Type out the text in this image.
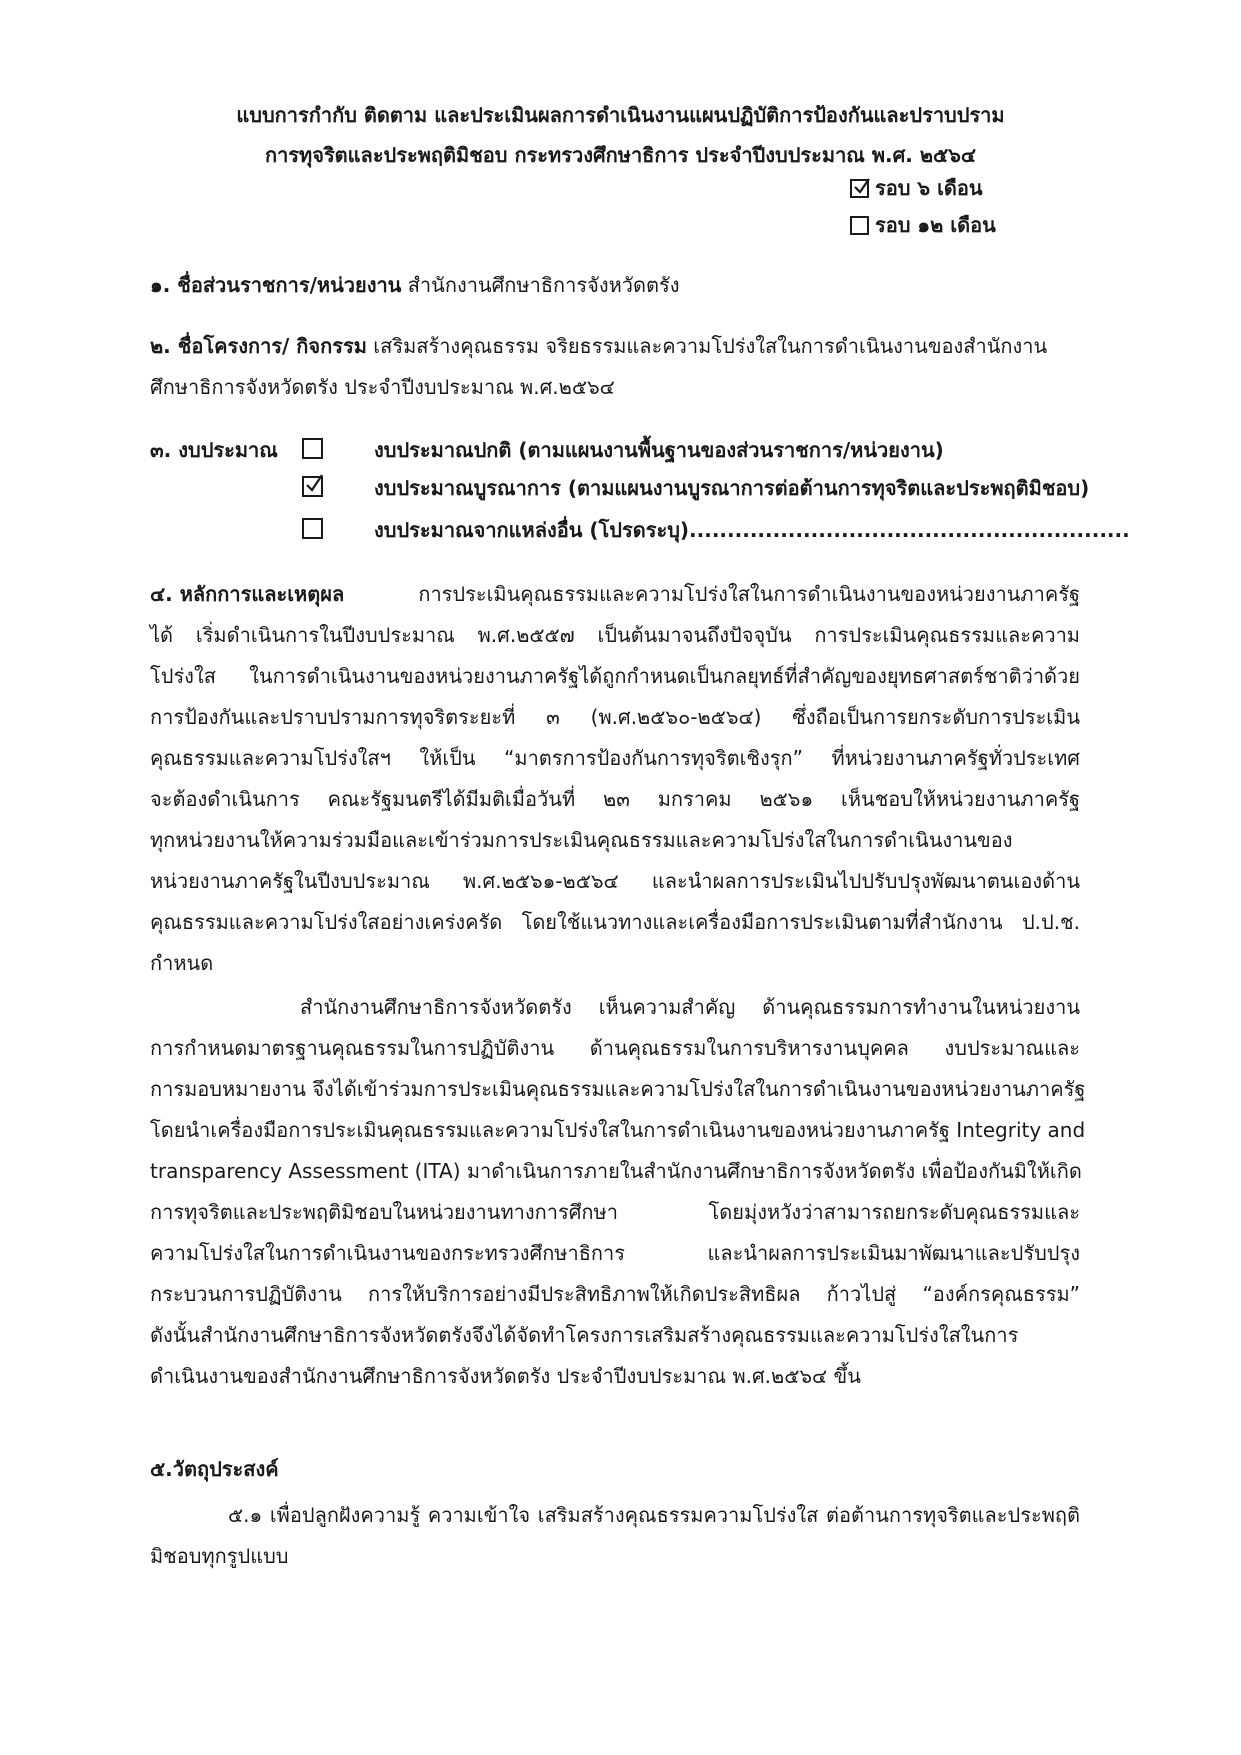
แบบการกำกับ ติดตาม และประเมินผลการดำเนินงานแผนปฏิบัติการป้องกันและปราบปราม
การทุจริตและประพฤติมิชอบ กระทรวงศึกษาธิการ ประจำปีงบประมาณ พ.ศ. ๒๕๖๔
รอบ ๖ เดือน
รอบ ๑๒ เดือน
๑. ชื่อส่วนราชการ/หน่วยงาน สำนักงานศึกษาธิการจังหวัดตรัง
๒. ชื่อโครงการ/ กิจกรรม เสริมสร้างคุณธรรม จริยธรรมและความโปร่งใสในการดำเนินงานของสำนักงาน
ศึกษาธิการจังหวัดตรัง ประจำปีงบประมาณ พ.ศ.๒๕๖๔
๓. งบประมาณ	งบประมาณปกติ (ตามแผนงานพื้นฐานของส่วนราชการ/หน่วยงาน)
งบประมาณบูรณาการ (ตามแผนงานบูรณาการต่อต้านการทุจริตและประพฤติมิชอบ)
งบประมาณจากแหล่งอื่น (โปรดระบุ)..........................................................
๔. หลักการและเหตุผล	การประเมินคุณธรรมและความโปร่งใสในการดำเนินงานของหน่วยงานภาครัฐ
ได้ เริ่มดำเนินการในปีงบประมาณ พ.ศ.๒๕๕๗ เป็นต้นมาจนถึงปัจจุบัน การประเมินคุณธรรมและความ
โปร่งใส ในการดำเนินงานของหน่วยงานภาครัฐได้ถูกกำหนดเป็นกลยุทธ์ที่สำคัญของยุทธศาสตร์ชาติว่าด้วย
การป้องกันและปราบปรามการทุจริตระยะที่ ๓ (พ.ศ.๒๕๖๐-๒๕๖๔) ซึ่งถือเป็นการยกระดับการประเมิน
คุณธรรมและความโปร่งใสฯ ให้เป็น “มาตรการป้องกันการทุจริตเชิงรุก” ที่หน่วยงานภาครัฐทั่วประเทศ
จะต้องดำเนินการ คณะรัฐมนตรีได้มีมติเมื่อวันที่ ๒๓ มกราคม ๒๕๖๑ เห็นชอบให้หน่วยงานภาครัฐ
ทุกหน่วยงานให้ความร่วมมือและเข้าร่วมการประเมินคุณธรรมและความโปร่งใสในการดำเนินงานของ
หน่วยงานภาครัฐในปีงบประมาณ พ.ศ.๒๕๖๑-๒๕๖๔ และนำผลการประเมินไปปรับปรุงพัฒนาตนเองด้าน
คุณธรรมและความโปร่งใสอย่างเคร่งครัด โดยใช้แนวทางและเครื่องมือการประเมินตามที่สำนักงาน ป.ป.ช.
กำหนด
สำนักงานศึกษาธิการจังหวัดตรัง เห็นความสำคัญ ด้านคุณธรรมการทำงานในหน่วยงาน
การกำหนดมาตรฐานคุณธรรมในการปฏิบัติงาน ด้านคุณธรรมในการบริหารงานบุคคล งบประมาณและ
การมอบหมายงาน จึงได้เข้าร่วมการประเมินคุณธรรมและความโปร่งใสในการดำเนินงานของหน่วยงานภาครัฐ
โดยนำเครื่องมือการประเมินคุณธรรมและความโปร่งใสในการดำเนินงานของหน่วยงานภาครัฐ Integrity and
transparency Assessment (ITA) มาดำเนินการภายในสำนักงานศึกษาธิการจังหวัดตรัง เพื่อป้องกันมิให้เกิด
การทุจริตและประพฤติมิชอบในหน่วยงานทางการศึกษา โดยมุ่งหวังว่าสามารถยกระดับคุณธรรมและ
ความโปร่งใสในการดำเนินงานของกระทรวงศึกษาธิการ และนำผลการประเมินมาพัฒนาและปรับปรุง
กระบวนการปฏิบัติงาน การให้บริการอย่างมีประสิทธิภาพให้เกิดประสิทธิผล ก้าวไปสู่ “องค์กรคุณธรรม”
ดังนั้นสำนักงานศึกษาธิการจังหวัดตรังจึงได้จัดทำโครงการเสริมสร้างคุณธรรมและความโปร่งใสในการ
ดำเนินงานของสำนักงานศึกษาธิการจังหวัดตรัง ประจำปีงบประมาณ พ.ศ.๒๕๖๔ ขึ้น
๕.วัตถุประสงค์
๕.๑ เพื่อปลูกฝังความรู้ ความเข้าใจ เสริมสร้างคุณธรรมความโปร่งใส ต่อต้านการทุจริตและประพฤติ
มิชอบทุกรูปแบบ
